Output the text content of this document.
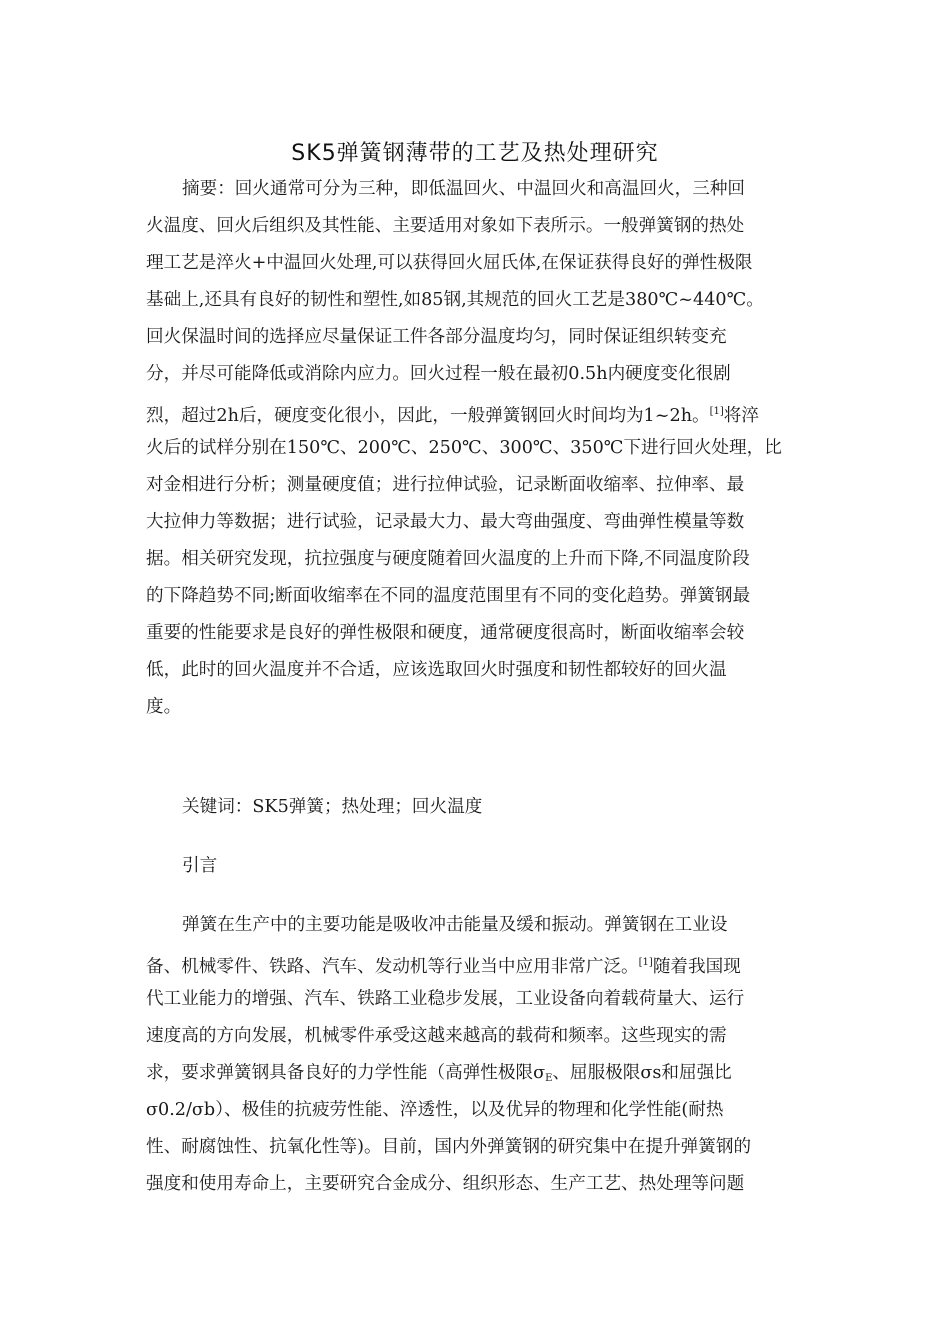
SK5弹簧钢薄带的工艺及热处理研究
摘要：回火通常可分为三种，即低温回火、中温回火和高温回火，三种回
火温度、回火后组织及其性能、主要适用对象如下表所示。一般弹簧钢的热处
理工艺是淬火+中温回火处理,可以获得回火屈氏体,在保证获得良好的弹性极限
基础上,还具有良好的韧性和塑性,如85钢,其规范的回火工艺是380℃~440℃。
回火保温时间的选择应尽量保证工件各部分温度均匀，同时保证组织转变充
分，并尽可能降低或消除内应力。回火过程一般在最初0.5h内硬度变化很剧
烈，超过2h后，硬度变化很小，因此，一般弹簧钢回火时间均为1~2h。[1]将淬
火后的试样分别在150℃、200℃、250℃、300℃、350℃下进行回火处理，比
对金相进行分析；测量硬度值；进行拉伸试验，记录断面收缩率、拉伸率、最
大拉伸力等数据；进行试验，记录最大力、最大弯曲强度、弯曲弹性模量等数
据。相关研究发现，抗拉强度与硬度随着回火温度的上升而下降,不同温度阶段
的下降趋势不同;断面收缩率在不同的温度范围里有不同的变化趋势。弹簧钢最
重要的性能要求是良好的弹性极限和硬度，通常硬度很高时，断面收缩率会较
低，此时的回火温度并不合适，应该选取回火时强度和韧性都较好的回火温
度。
关键词：SK5弹簧；热处理；回火温度
引言
弹簧在生产中的主要功能是吸收冲击能量及缓和振动。弹簧钢在工业设
备、机械零件、铁路、汽车、发动机等行业当中应用非常广泛。[1]随着我国现
代工业能力的增强、汽车、铁路工业稳步发展，工业设备向着载荷量大、运行
速度高的方向发展，机械零件承受这越来越高的载荷和频率。这些现实的需
求，要求弹簧钢具备良好的力学性能（高弹性极限$\sigma_E$、屈服极限σs和屈强比
σ0.2/σb）、极佳的抗疲劳性能、淬透性，以及优异的物理和化学性能(耐热
性、耐腐蚀性、抗氧化性等)。目前，国内外弹簧钢的研究集中在提升弹簧钢的
强度和使用寿命上，主要研究合金成分、组织形态、生产工艺、热处理等问题
